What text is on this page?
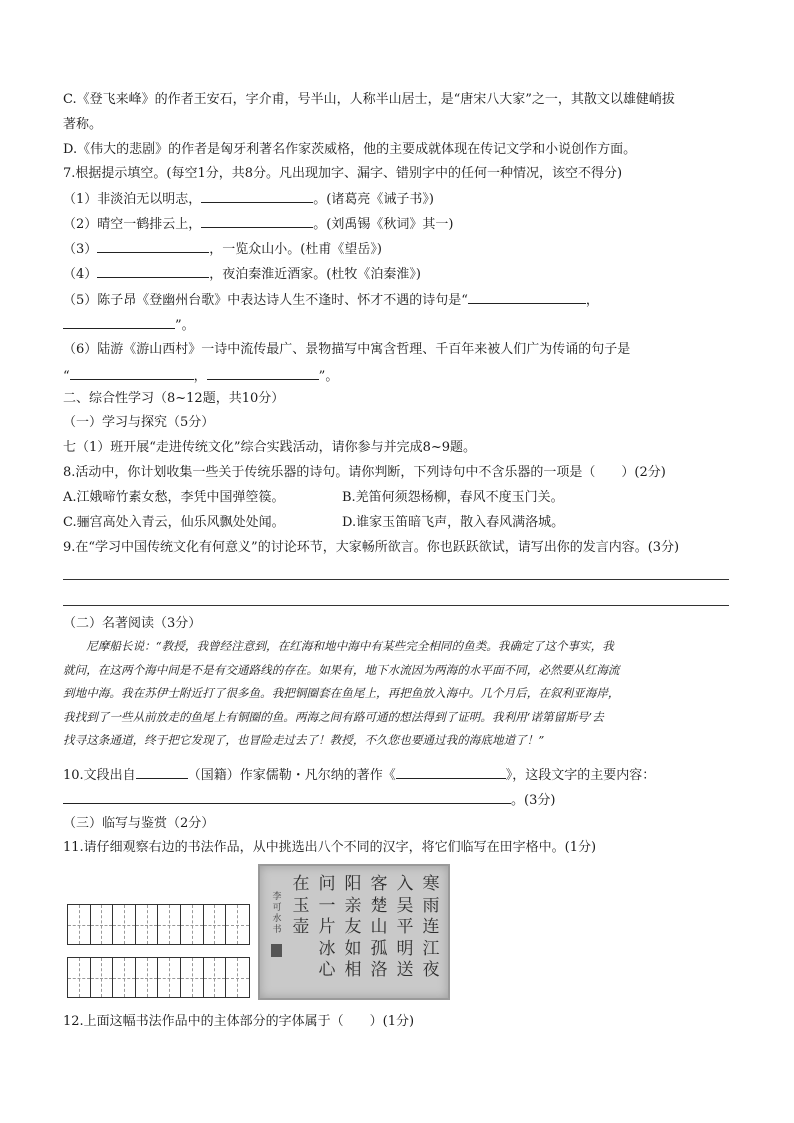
C.《登飞来峰》的作者王安石，字介甫，号半山，人称半山居士，是“唐宋八大家”之一，其散文以雄健峭拔
著称。
D.《伟大的悲剧》的作者是匈牙利著名作家茨威格，他的主要成就体现在传记文学和小说创作方面。
7.根据提示填空。(每空1分，共8分。凡出现加字、漏字、错别字中的任何一种情况，该空不得分)
（1）非淡泊无以明志，	。(诸葛亮《诫子书》)
（2）晴空一鹤排云上，	。(刘禹锡《秋词》其一)
（3）	，一览众山小。(杜甫《望岳》)
（4）	，夜泊秦淮近酒家。(杜牧《泊秦淮》)
（5）陈子昂《登幽州台歌》中表达诗人生不逢时、怀才不遇的诗句是“	，
”。
（6）陆游《游山西村》一诗中流传最广、景物描写中寓含哲理、千百年来被人们广为传诵的句子是
“	，	”。
二、综合性学习（8~12题，共10分）
（一）学习与探究（5分）
七（1）班开展“走进传统文化”综合实践活动，请你参与并完成8~9题。
8.活动中，你计划收集一些关于传统乐器的诗句。请你判断，下列诗句中不含乐器的一项是（　　）(2分)
A.江娥啼竹素女愁，李凭中国弹箜篌。	B.羌笛何须怨杨柳，春风不度玉门关。
C.骊宫高处入青云，仙乐风飘处处闻。	D.谁家玉笛暗飞声，散入春风满洛城。
9.在“学习中国传统文化有何意义”的讨论环节，大家畅所欲言。你也跃跃欲试，请写出你的发言内容。(3分)
（二）名著阅读（3分）

尼摩船长说：“教授，我曾经注意到，在红海和地中海中有某些完全相同的鱼类。我确定了这个事实，我

就问，在这两个海中间是不是有交通路线的存在。如果有，地下水流因为两海的水平面不同，必然要从红海流

到地中海。我在苏伊士附近打了很多鱼。我把铜圈套在鱼尾上，再把鱼放入海中。几个月后，在叙利亚海岸，

我找到了一些从前放走的鱼尾上有铜圈的鱼。两海之间有路可通的想法得到了证明。我利用‘诺第留斯号’去

找寻这条通道，终于把它发现了，也冒险走过去了！教授，不久您也要通过我的海底地道了！”

10.文段出自	（国籍）作家儒勒・凡尔纳的著作《	》，这段文字的主要内容：
。(3分)
（三）临写与鉴赏（2分）
11.请仔细观察右边的书法作品，从中挑选出八个不同的汉字，将它们临写在田字格中。(1分)
李
可
水
书
寒
雨
连
江
夜
入
吴
平
明
送
客
楚
山
孤
洛
阳
亲
友
如
相
问
一
片
冰
心
在
玉
壶
12.上面这幅书法作品中的主体部分的字体属于（　　）(1分)
